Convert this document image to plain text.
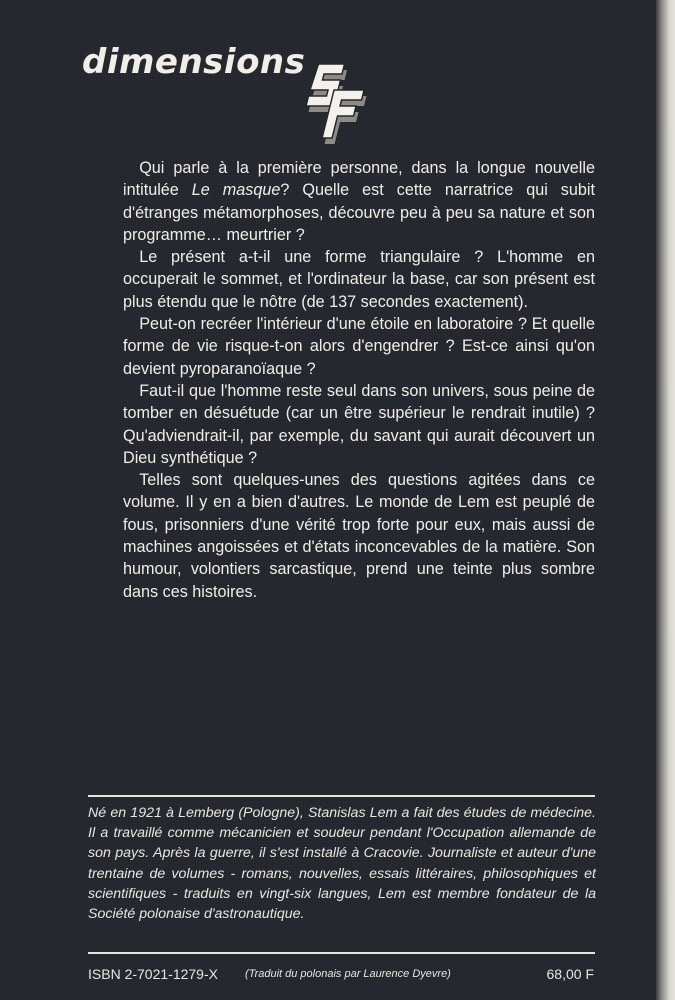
dimensions

 Qui parle à la première personne, dans la longue nouvelle intitulée Le masque? Quelle est cette narratrice qui subit d'étranges métamorphoses, découvre peu à peu sa nature et son programme… meurtrier ?

 Le présent a-t-il une forme triangulaire ? L'homme en occuperait le sommet, et l'ordinateur la base, car son présent est plus étendu que le nôtre (de 137 secondes exactement).

 Peut-on recréer l'intérieur d'une étoile en laboratoire ? Et quelle forme de vie risque-t-on alors d'engendrer ? Est-ce ainsi qu'on devient pyroparanoïaque ?

 Faut-il que l'homme reste seul dans son univers, sous peine de tomber en désuétude (car un être supérieur le rendrait inutile) ? Qu'adviendrait-il, par exemple, du savant qui aurait découvert un Dieu synthétique ?

 Telles sont quelques-unes des questions agitées dans ce volume. Il y en a bien d'autres. Le monde de Lem est peuplé de fous, prisonniers d'une vérité trop forte pour eux, mais aussi de machines angoissées et d'états inconcevables de la matière. Son humour, volontiers sarcastique, prend une teinte plus sombre dans ces histoires.

Né en 1921 à Lemberg (Pologne), Stanislas Lem a fait des études de médecine. Il a travaillé comme mécanicien et soudeur pendant l'Occupation allemande de son pays. Après la guerre, il s'est installé à Cracovie. Journaliste et auteur d'une trentaine de volumes - romans, nouvelles, essais littéraires, philosophiques et scientifiques - traduits en vingt-six langues, Lem est membre fondateur de la Société polonaise d'astronautique.
ISBN 2-7021-1279-X (Traduit du polonais par Laurence Dyevre)	68,00 F
